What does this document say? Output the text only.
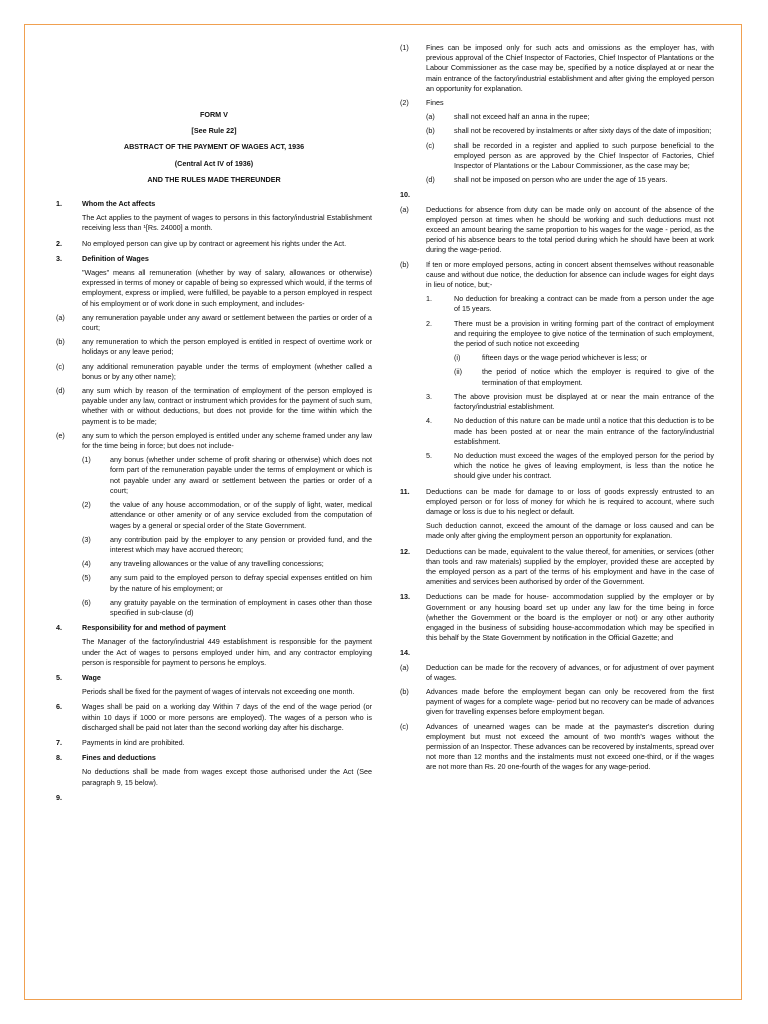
FORM V
[See Rule 22]
ABSTRACT OF THE PAYMENT OF WAGES ACT, 1936
(Central Act IV of 1936)
AND THE RULES MADE THEREUNDER
1.	Whom the Act affects
The Act applies to the payment of wages to persons in this factory/industrial Establishment receiving less than ¹[Rs. 24000] a month.
2.	No employed person can give up by contract or agreement his rights under the Act.
3.	Definition of Wages
"Wages" means all remuneration (whether by way of salary, allowances or otherwise) expressed in terms of money or capable of being so expressed which would, if the terms of employment, express or implied, were fulfilled, be payable to a person employed in respect of his employment or of work done in such employment, and includes-
(a)	any remuneration payable under any award or settlement between the parties or order of a court;
(b)	any remuneration to which the person employed is entitled in respect of overtime work or holidays or any leave period;
(c)	any additional remuneration payable under the terms of employment (whether called a bonus or by any other name);
(d)	any sum which by reason of the termination of employment of the person employed is payable under any law, contract or instrument which provides for the payment of such sum, whether with or without deductions, but does not provide for the time within which the payment is to be made;
(e)	any sum to which the person employed is entitled under any scheme framed under any law for the time being in force; but does not include-
(1)	any bonus (whether under scheme of profit sharing or otherwise) which does not form part of the remuneration payable under the terms of employment or which is not payable under any award or settlement between the parties or order of a court;
(2)	the value of any house accommodation, or of the supply of light, water, medical attendance or other amenity or of any service excluded from the computation of wages by a general or special order of the State Government.
(3)	any contribution paid by the employer to any pension or provided fund, and the interest which may have accrued thereon;
(4)	any traveling allowances or the value of any travelling concessions;
(5)	any sum paid to the employed person to defray special expenses entitled on him by the nature of his employment; or
(6)	any gratuity payable on the termination of employment in cases other than those specified in sub-clause (d)
4.	Responsibility for and method of payment
The Manager of the factory/industrial 449 establishment is responsible for the payment under the Act of wages to persons employed under him, and any contractor employing person is responsible for payment to persons he employs.
5.	Wage
Periods shall be fixed for the payment of wages of intervals not exceeding one month.
6.	Wages shall be paid on a working day Within 7 days of the end of the wage period (or within 10 days if 1000 or more persons are employed). The wages of a person who is discharged shall be paid not later than the second working day after his discharge.
7.	Payments in kind are prohibited.
8.	Fines and deductions
No deductions shall be made from wages except those authorised under the Act (See paragraph 9, 15 below).
9.
(1)	Fines can be imposed only for such acts and omissions as the employer has, with previous approval of the Chief Inspector of Factories, Chief Inspector of Plantations or the Labour Commissioner as the case may be, specified by a notice displayed at or near the main entrance of the factory/industrial establishment and after giving the employed person an opportunity for explanation.
(2)	Fines
(a)	shall not exceed half an anna in the rupee;
(b)	shall not be recovered by instalments or after sixty days of the date of imposition;
(c)	shall be recorded in a register and applied to such purpose beneficial to the employed person as are approved by the Chief Inspector of Factories, Chief Inspector of Plantations or the Labour Commissioner, as the case may be;
(d)	shall not be imposed on person who are under the age of 15 years.
10.
(a)	Deductions for absence from duty can be made only on account of the absence of the employed person at times when he should be working and such deductions must not exceed an amount bearing the same proportion to his wages for the wage - period, as the period of his absence bears to the total period during which he should have been at work during the wage-period.
(b)	If ten or more employed persons, acting in concert absent themselves without reasonable cause and without due notice, the deduction for absence can include wages for eight days in lieu of notice, but;-
1.	No deduction for breaking a contract can be made from a person under the age of 15 years.
2.	There must be a provision in writing forming part of the contract of employment and requiring the employee to give notice of the termination of such employment, the period of such notice not exceeding
(i)	fifteen days or the wage period whichever is less; or
(ii)	the period of notice which the employer is required to give of the termination of that employment.
3.	The above provision must be displayed at or near the main entrance of the factory/industrial establishment.
4.	No deduction of this nature can be made until a notice that this deduction is to be made has been posted at or near the main entrance of the factory/industrial establishment.
5.	No deduction must exceed the wages of the employed person for the period by which the notice he gives of leaving employment, is less than the notice he should give under his contract.
11.	Deductions can be made for damage to or loss of goods expressly entrusted to an employed person or for loss of money for which he is required to account, where such damage or loss is due to his neglect or default.
Such deduction cannot, exceed the amount of the damage or loss caused and can be made only after giving the employment person an opportunity for explanation.
12.	Deductions can be made, equivalent to the value thereof, for amenities, or services (other than tools and raw materials) supplied by the employer, provided these are accepted by the employed person as a part of the terms of his employment and have in the case of amenities and services been authorised by order of the Government.
13.	Deductions can be made for house- accommodation supplied by the employer or by Government or any housing board set up under any law for the time being in force (whether the Government or the board is the employer or not) or any other authority engaged in the business of subsiding house-accommodation which may be specified in this behalf by the State Government by notification in the Official Gazette; and
14.
(a)	Deduction can be made for the recovery of advances, or for adjustment of over payment of wages.
(b)	Advances made before the employment began can only be recovered from the first payment of wages for a complete wage- period but no recovery can be made of advances given for travelling expenses before employment began.
(c)	Advances of unearned wages can be made at the paymaster's discretion during employment but must not exceed the amount of two month's wages without the permission of an Inspector. These advances can be recovered by instalments, spread over not more than 12 months and the instalments must not exceed one-third, or if the wages are not more than Rs. 20 one-fourth of the wages for any wage-period.
